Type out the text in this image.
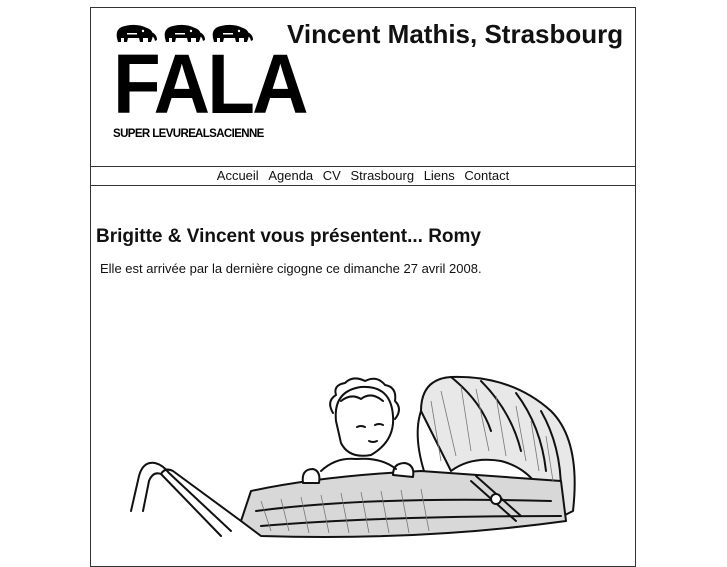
FALA
SUPER LEVURE ALSACIENNE
Vincent Mathis, Strasbourg
Accueil Agenda CV Strasbourg Liens Contact
Brigitte & Vincent vous présentent... Romy

Elle est arrivée par la dernière cigogne ce dimanche 27 avril 2008.
